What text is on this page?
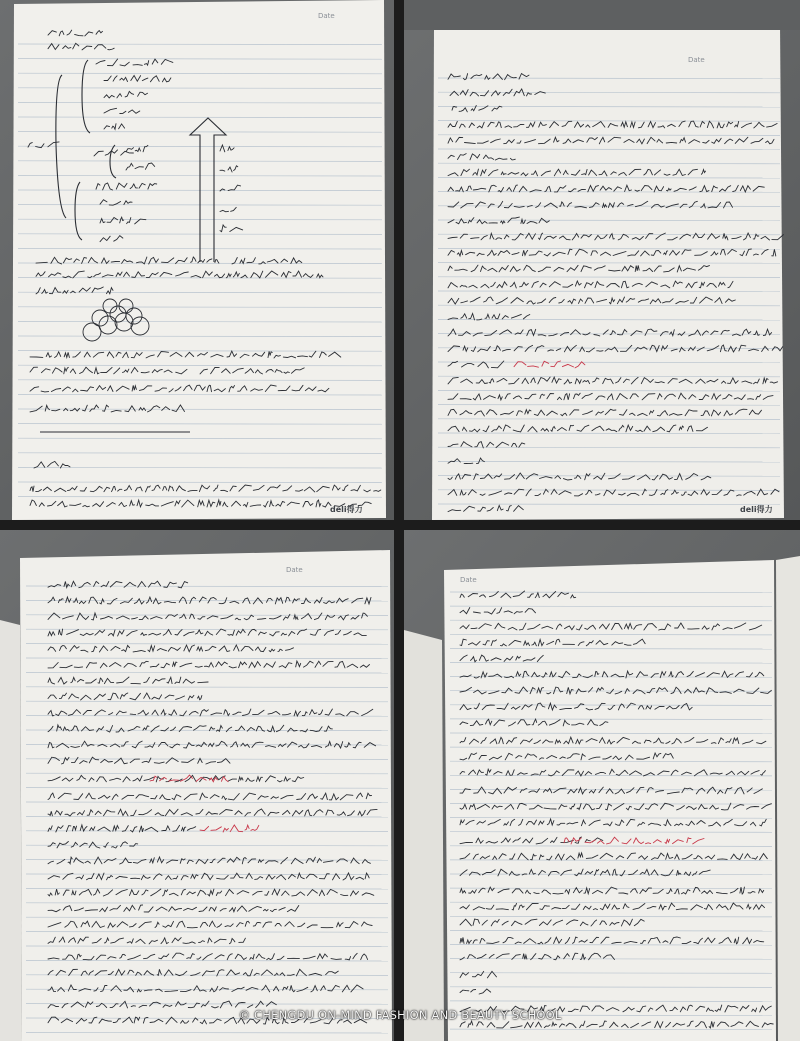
Date
deli得力
Date
deli得力
Date
Date
© CHENGDU ON-MIND FASHION AND BEAUTY SCHOOL
